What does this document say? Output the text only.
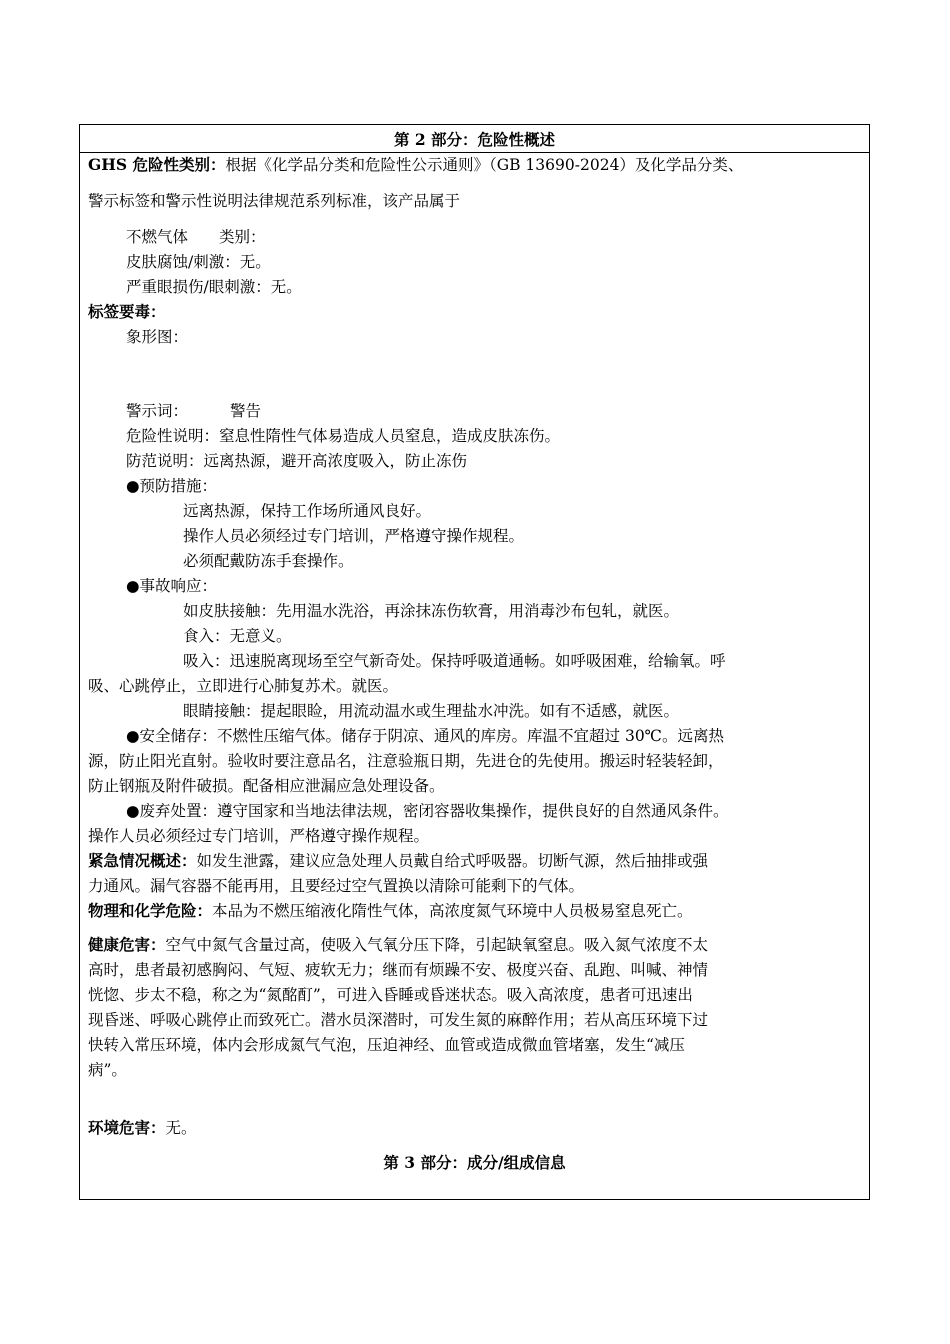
第 2 部分：危险性概述
GHS 危险性类别：根据《化学品分类和危险性公示通则》（GB 13690-2024）及化学品分类、
警示标签和警示性说明法律规范系列标准，该产品属于
不燃气体　　类别：
皮肤腐蚀/刺激：无。
严重眼损伤/眼刺激：无。
标签要毒：
象形图：
警示词：	警告
危险性说明：窒息性隋性气体易造成人员窒息，造成皮肤冻伤。
防范说明：远离热源，避开高浓度吸入，防止冻伤
●预防措施：
远离热源，保持工作场所通风良好。
操作人员必须经过专门培训，严格遵守操作规程。
必须配戴防冻手套操作。
●事故响应：
如皮肤接触：先用温水洗浴，再涂抹冻伤软膏，用消毒沙布包轧，就医。
食入：无意义。
吸入：迅速脱离现场至空气新奇处。保持呼吸道通畅。如呼吸困难，给输氧。呼
吸、心跳停止，立即进行心肺复苏术。就医。
眼睛接触：提起眼睑，用流动温水或生理盐水冲洗。如有不适感，就医。
●安全储存：不燃性压缩气体。储存于阴凉、通风的库房。库温不宜超过 30℃。远离热
源，防止阳光直射。验收时要注意品名，注意验瓶日期，先进仓的先使用。搬运时轻装轻卸，
防止钢瓶及附件破损。配备相应泄漏应急处理设备。
●废弃处置：遵守国家和当地法律法规，密闭容器收集操作，提供良好的自然通风条件。
操作人员必须经过专门培训，严格遵守操作规程。
紧急情况概述：如发生泄露，建议应急处理人员戴自给式呼吸器。切断气源，然后抽排或强
力通风。漏气容器不能再用，且要经过空气置换以清除可能剩下的气体。
物理和化学危险：本品为不燃压缩液化隋性气体，高浓度氮气环境中人员极易窒息死亡。
健康危害：空气中氮气含量过高，使吸入气氧分压下降，引起缺氧窒息。吸入氮气浓度不太
高时，患者最初感胸闷、气短、疲软无力；继而有烦躁不安、极度兴奋、乱跑、叫喊、神情
恍惚、步太不稳，称之为“氮酩酊”，可进入昏睡或昏迷状态。吸入高浓度，患者可迅速出
现昏迷、呼吸心跳停止而致死亡。潜水员深潜时，可发生氮的麻醉作用；若从高压环境下过
快转入常压环境，体内会形成氮气气泡，压迫神经、血管或造成微血管堵塞，发生“减压
病”。
环境危害：无。
第 3 部分：成分/组成信息
